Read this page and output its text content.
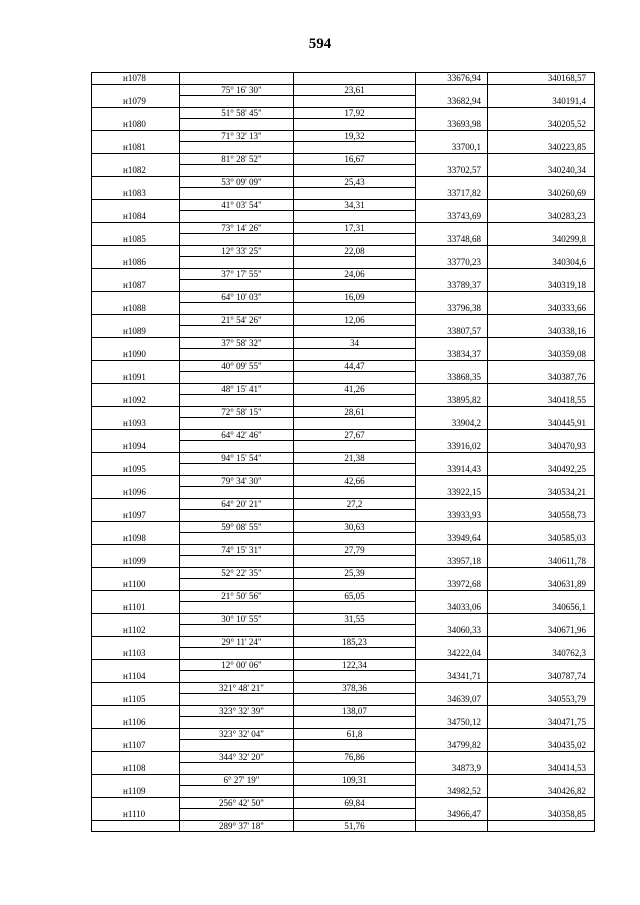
594
н1078	33676,94	340168,57
75° 16' 30"	23,61
н1079	33682,94	340191,4
51° 58' 45"	17,92
н1080	33693,98	340205,52
71° 32' 13"	19,32
н1081	33700,1	340223,85
81° 28' 52"	16,67
н1082	33702,57	340240,34
53° 09' 09"	25,43
н1083	33717,82	340260,69
41° 03' 54"	34,31
н1084	33743,69	340283,23
73° 14' 26"	17,31
н1085	33748,68	340299,8
12° 33' 25"	22,08
н1086	33770,23	340304,6
37° 17' 55"	24,06
н1087	33789,37	340319,18
64° 10' 03"	16,09
н1088	33796,38	340333,66
21° 54' 26"	12,06
н1089	33807,57	340338,16
37° 58' 32"	34
н1090	33834,37	340359,08
40° 09' 55"	44,47
н1091	33868,35	340387,76
48° 15' 41"	41,26
н1092	33895,82	340418,55
72° 58' 15"	28,61
н1093	33904,2	340445,91
64° 42' 46"	27,67
н1094	33916,02	340470,93
94° 15' 54"	21,38
н1095	33914,43	340492,25
79° 34' 30"	42,66
н1096	33922,15	340534,21
64° 20' 21"	27,2
н1097	33933,93	340558,73
59° 08' 55"	30,63
н1098	33949,64	340585,03
74° 15' 31"	27,79
н1099	33957,18	340611,78
52° 22' 35"	25,39
н1100	33972,68	340631,89
21° 50' 56"	65,05
н1101	34033,06	340656,1
30° 10' 55"	31,55
н1102	34060,33	340671,96
29° 11' 24"	185,23
н1103	34222,04	340762,3
12° 00' 06"	122,34
н1104	34341,71	340787,74
321° 48' 21"	378,36
н1105	34639,07	340553,79
323° 32' 39"	138,07
н1106	34750,12	340471,75
323° 32' 04"	61,8
н1107	34799,82	340435,02
344° 32' 20"	76,86
н1108	34873,9	340414,53
6° 27' 19"	109,31
н1109	34982,52	340426,82
256° 42' 50"	69,84
н1110	34966,47	340358,85
289° 37' 18"	51,76
